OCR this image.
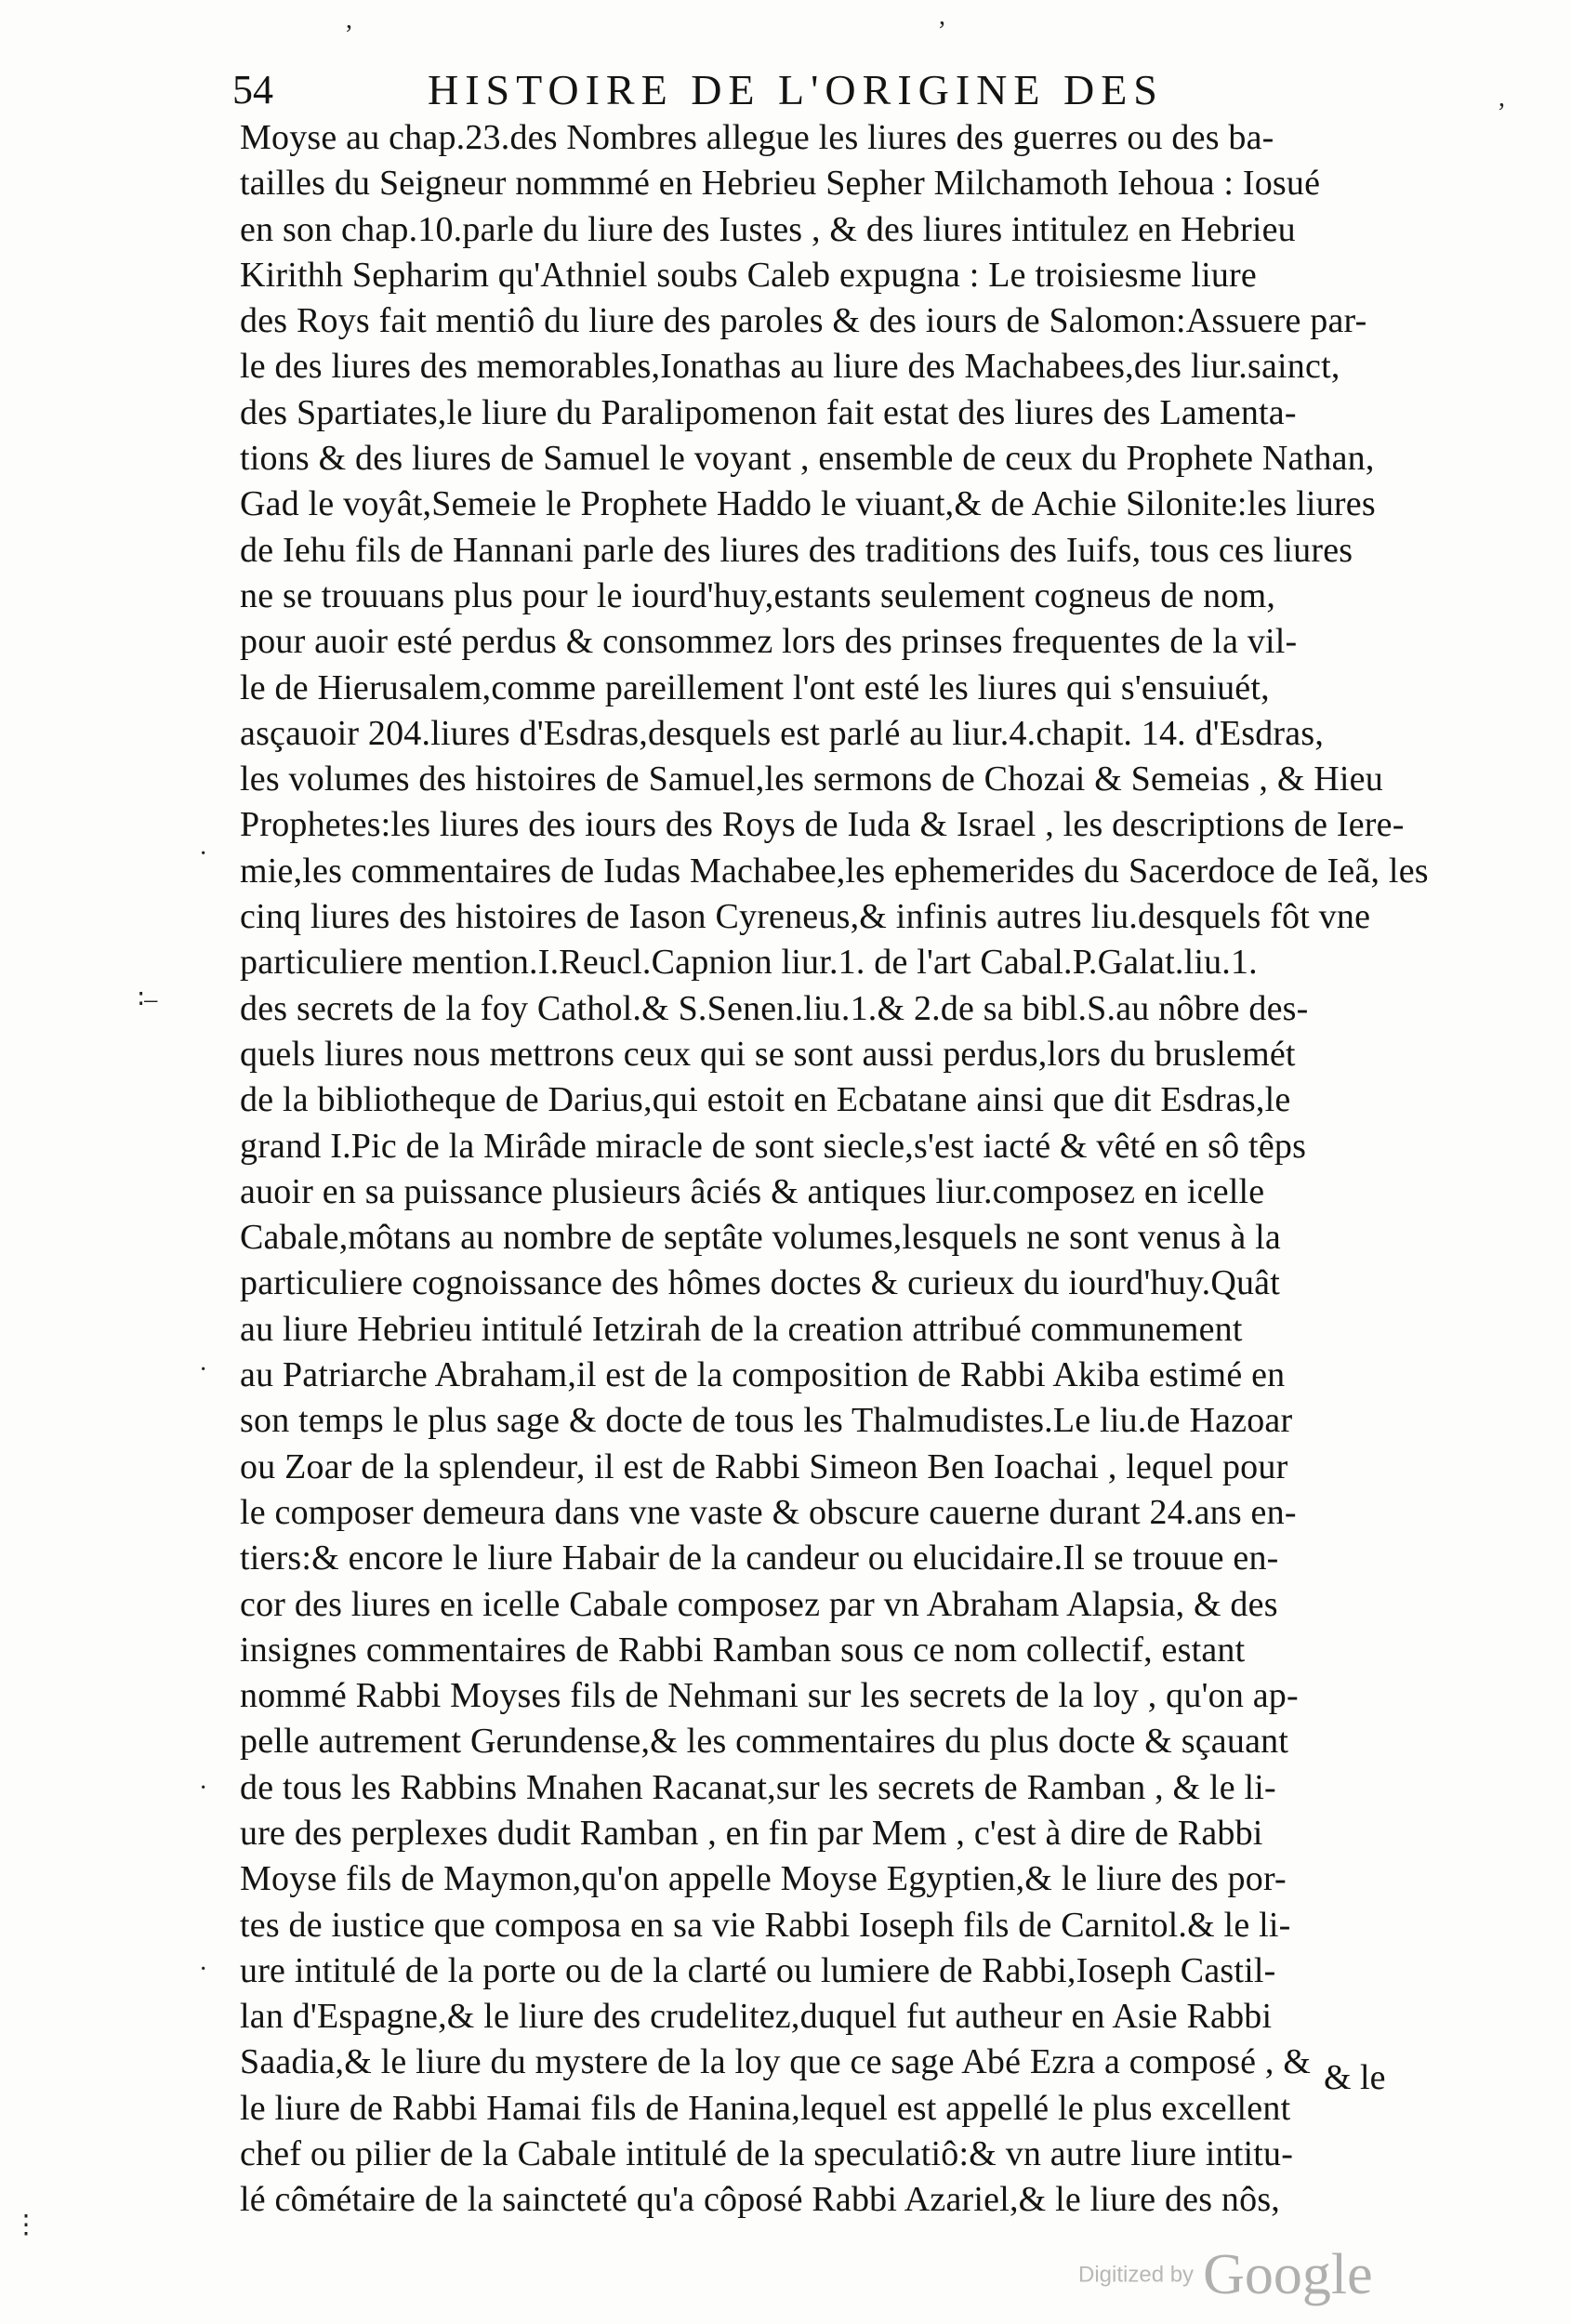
54	HISTOIRE DE L'ORIGINE DES
Moyse au chap.23.des Nombres allegue les liures des guerres ou des ba-
tailles du Seigneur nommmé en Hebrieu Sepher Milchamoth Iehoua : Iosué
en son chap.10.parle du liure des Iustes , & des liures intitulez en Hebrieu
Kirithh Sepharim qu'Athniel soubs Caleb expugna : Le troisiesme liure
des Roys fait mentiô du liure des paroles & des iours de Salomon:Assuere par-
le des liures des memorables,Ionathas au liure des Machabees,des liur.sainct,
des Spartiates,le liure du Paralipomenon fait estat des liures des Lamenta-
tions & des liures de Samuel le voyant , ensemble de ceux du Prophete Nathan,
Gad le voyât,Semeie le Prophete Haddo le viuant,& de Achie Silonite:les liures
de Iehu fils de Hannani parle des liures des traditions des Iuifs, tous ces liures
ne se trouuans plus pour le iourd'huy,estants seulement cogneus de nom,
pour auoir esté perdus & consommez lors des prinses frequentes de la vil-
le de Hierusalem,comme pareillement l'ont esté les liures qui s'ensuiuét,
asçauoir 204.liures d'Esdras,desquels est parlé au liur.4.chapit. 14. d'Esdras,
les volumes des histoires de Samuel,les sermons de Chozai & Semeias , & Hieu
Prophetes:les liures des iours des Roys de Iuda & Israel , les descriptions de Iere-
mie,les commentaires de Iudas Machabee,les ephemerides du Sacerdoce de Ieã, les
cinq liures des histoires de Iason Cyreneus,& infinis autres liu.desquels fôt vne
particuliere mention.I.Reucl.Capnion liur.1. de l'art Cabal.P.Galat.liu.1.
des secrets de la foy Cathol.& S.Senen.liu.1.& 2.de sa bibl.S.au nôbre des-
quels liures nous mettrons ceux qui se sont aussi perdus,lors du bruslemét
de la bibliotheque de Darius,qui estoit en Ecbatane ainsi que dit Esdras,le
grand I.Pic de la Mirâde miracle de sont siecle,s'est iacté & vêté en sô têps
auoir en sa puissance plusieurs âciés & antiques liur.composez en icelle
Cabale,môtans au nombre de septâte volumes,lesquels ne sont venus à la
particuliere cognoissance des hômes doctes & curieux du iourd'huy.Quât
au liure Hebrieu intitulé Ietzirah de la creation attribué communement
au Patriarche Abraham,il est de la composition de Rabbi Akiba estimé en
son temps le plus sage & docte de tous les Thalmudistes.Le liu.de Hazoar
ou Zoar de la splendeur, il est de Rabbi Simeon Ben Ioachai , lequel pour
le composer demeura dans vne vaste & obscure cauerne durant 24.ans en-
tiers:& encore le liure Habair de la candeur ou elucidaire.Il se trouue en-
cor des liures en icelle Cabale composez par vn Abraham Alapsia, & des
insignes commentaires de Rabbi Ramban sous ce nom collectif, estant
nommé Rabbi Moyses fils de Nehmani sur les secrets de la loy , qu'on ap-
pelle autrement Gerundense,& les commentaires du plus docte & sçauant
de tous les Rabbins Mnahen Racanat,sur les secrets de Ramban , & le li-
ure des perplexes dudit Ramban , en fin par Mem , c'est à dire de Rabbi
Moyse fils de Maymon,qu'on appelle Moyse Egyptien,& le liure des por-
tes de iustice que composa en sa vie Rabbi Ioseph fils de Carnitol.& le li-
ure intitulé de la porte ou de la clarté ou lumiere de Rabbi,Ioseph Castil-
lan d'Espagne,& le liure des crudelitez,duquel fut autheur en Asie Rabbi
Saadia,& le liure du mystere de la loy que ce sage Abé Ezra a composé , &
le liure de Rabbi Hamai fils de Hanina,lequel est appellé le plus excellent
chef ou pilier de la Cabale intitulé de la speculatiô:& vn autre liure intitu-
lé cômétaire de la saincteté qu'a côposé Rabbi Azariel,& le liure des nôs,
& le
,	,
,
·
∶–
·
·
·
⋮
Digitized by Google
